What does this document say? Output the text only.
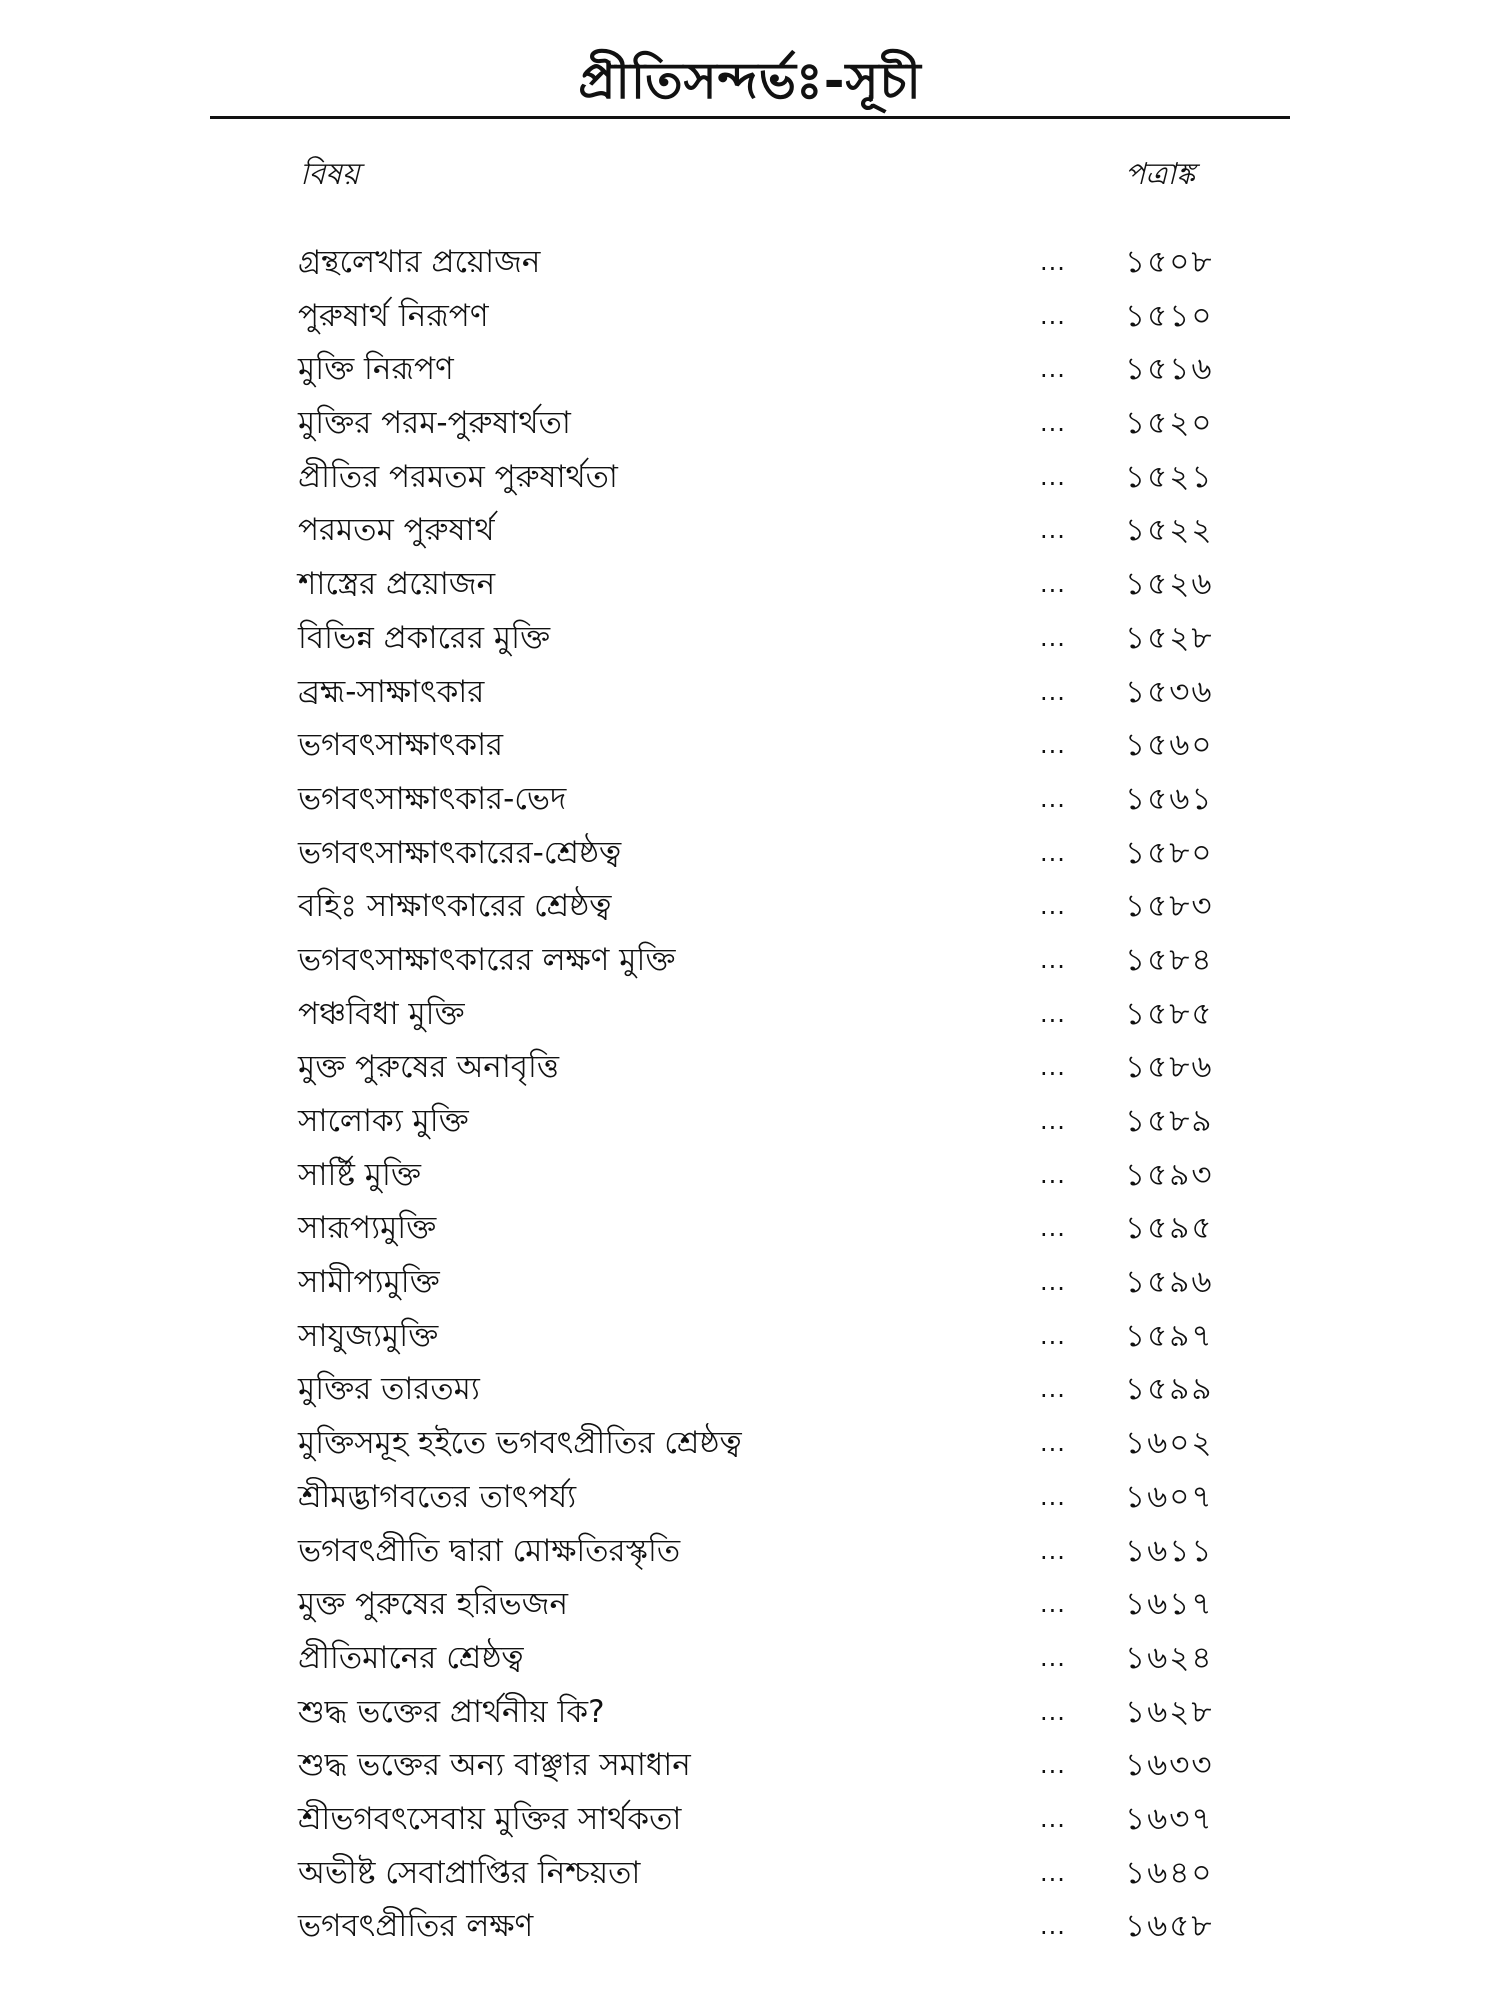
প্রীতিসন্দর্ভঃ-সূচী
বিষয়	পত্রাঙ্ক
গ্রন্থলেখার প্রয়োজন	... ১৫০৮
পুরুষার্থ নিরূপণ	... ১৫১০
মুক্তি নিরূপণ	... ১৫১৬
মুক্তির পরম-পুরুষার্থতা	... ১৫২০
প্রীতির পরমতম পুরুষার্থতা	... ১৫২১
পরমতম পুরুষার্থ	... ১৫২২
শাস্ত্রের প্রয়োজন	... ১৫২৬
বিভিন্ন প্রকারের মুক্তি	... ১৫২৮
ব্রহ্ম-সাক্ষাৎকার	... ১৫৩৬
ভগবৎসাক্ষাৎকার	... ১৫৬০
ভগবৎসাক্ষাৎকার-ভেদ	... ১৫৬১
ভগবৎসাক্ষাৎকারের-শ্রেষ্ঠত্ব	... ১৫৮০
বহিঃ সাক্ষাৎকারের শ্রেষ্ঠত্ব	... ১৫৮৩
ভগবৎসাক্ষাৎকারের লক্ষণ মুক্তি	... ১৫৮৪
পঞ্চবিধা মুক্তি	... ১৫৮৫
মুক্ত পুরুষের অনাবৃত্তি	... ১৫৮৬
সালোক্য মুক্তি	... ১৫৮৯
সার্ষ্টি মুক্তি	... ১৫৯৩
সারূপ্যমুক্তি	... ১৫৯৫
সামীপ্যমুক্তি	... ১৫৯৬
সাযুজ্যমুক্তি	... ১৫৯৭
মুক্তির তারতম্য	... ১৫৯৯
মুক্তিসমূহ হইতে ভগবৎপ্রীতির শ্রেষ্ঠত্ব	... ১৬০২
শ্রীমদ্ভাগবতের তাৎপর্য্য	... ১৬০৭
ভগবৎপ্রীতি দ্বারা মোক্ষতিরস্কৃতি	... ১৬১১
মুক্ত পুরুষের হরিভজন	... ১৬১৭
প্রীতিমানের শ্রেষ্ঠত্ব	... ১৬২৪
শুদ্ধ ভক্তের প্রার্থনীয় কি?	... ১৬২৮
শুদ্ধ ভক্তের অন্য বাঞ্ছার সমাধান	... ১৬৩৩
শ্রীভগবৎসেবায় মুক্তির সার্থকতা	... ১৬৩৭
অভীষ্ট সেবাপ্রাপ্তির নিশ্চয়তা	... ১৬৪০
ভগবৎপ্রীতির লক্ষণ	... ১৬৫৮
